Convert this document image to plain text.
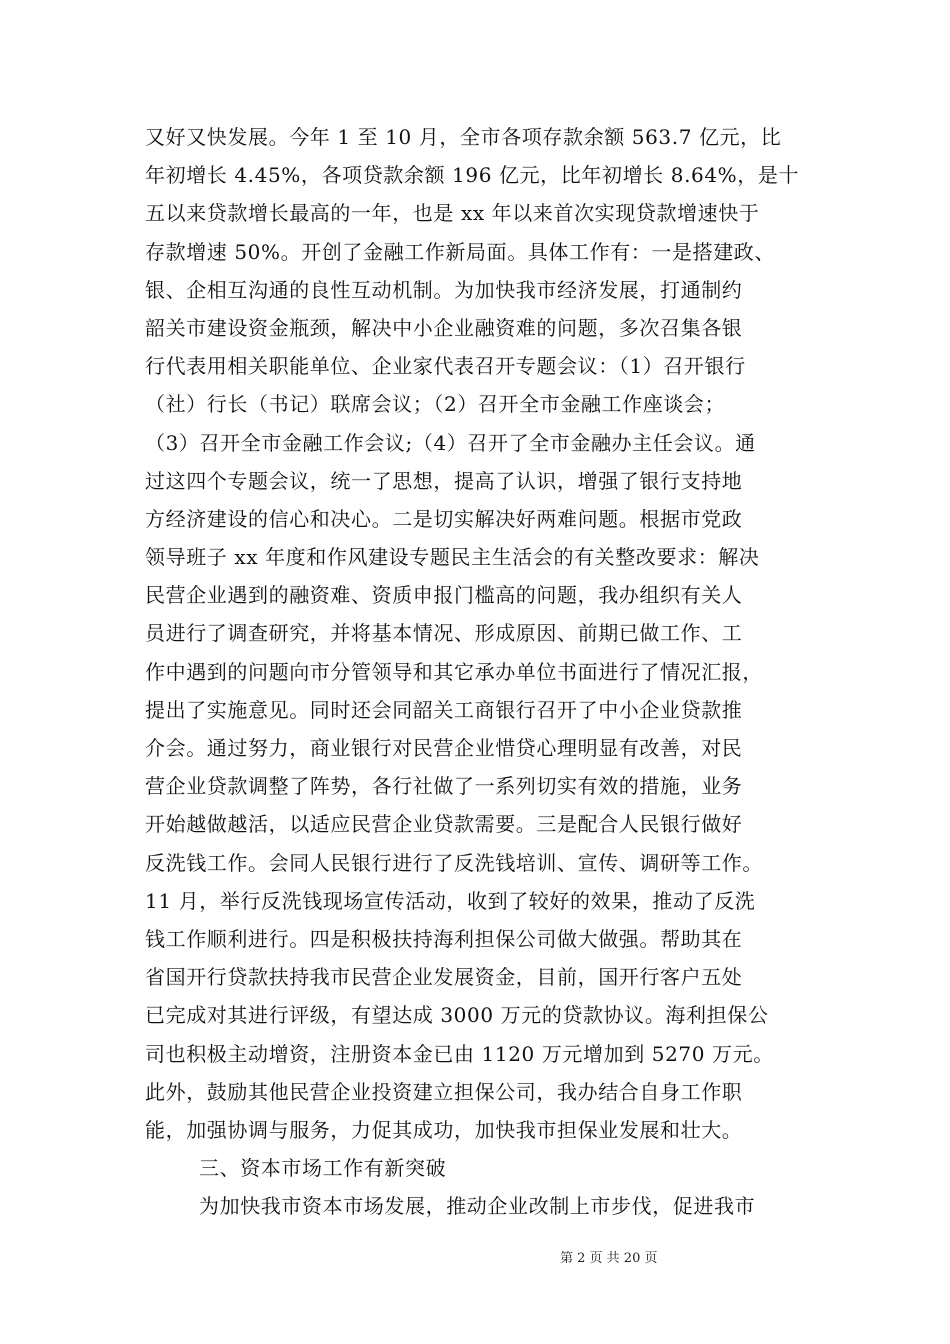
又好又快发展。今年 1 至 10 月，全市各项存款余额 563.7 亿元，比
年初增长 4.45%，各项贷款余额 196 亿元，比年初增长 8.64%，是十
五以来贷款增长最高的一年，也是 xx 年以来首次实现贷款增速快于
存款增速 50%。开创了金融工作新局面。具体工作有：一是搭建政、
银、企相互沟通的良性互动机制。为加快我市经济发展，打通制约
韶关市建设资金瓶颈，解决中小企业融资难的问题，多次召集各银
行代表用相关职能单位、企业家代表召开专题会议：（1）召开银行
（社）行长（书记）联席会议；（2）召开全市金融工作座谈会；
（3）召开全市金融工作会议;（4）召开了全市金融办主任会议。通
过这四个专题会议，统一了思想，提高了认识，增强了银行支持地
方经济建设的信心和决心。二是切实解决好两难问题。根据市党政
领导班子 xx 年度和作风建设专题民主生活会的有关整改要求：解决
民营企业遇到的融资难、资质申报门槛高的问题，我办组织有关人
员进行了调查研究，并将基本情况、形成原因、前期已做工作、工
作中遇到的问题向市分管领导和其它承办单位书面进行了情况汇报，
提出了实施意见。同时还会同韶关工商银行召开了中小企业贷款推
介会。通过努力，商业银行对民营企业惜贷心理明显有改善，对民
营企业贷款调整了阵势，各行社做了一系列切实有效的措施，业务
开始越做越活，以适应民营企业贷款需要。三是配合人民银行做好
反洗钱工作。会同人民银行进行了反洗钱培训、宣传、调研等工作。
11 月，举行反洗钱现场宣传活动，收到了较好的效果，推动了反洗
钱工作顺利进行。四是积极扶持海利担保公司做大做强。帮助其在
省国开行贷款扶持我市民营企业发展资金，目前，国开行客户五处
已完成对其进行评级，有望达成 3000 万元的贷款协议。海利担保公
司也积极主动增资，注册资本金已由 1120 万元增加到 5270 万元。
此外，鼓励其他民营企业投资建立担保公司，我办结合自身工作职
能，加强协调与服务，力促其成功，加快我市担保业发展和壮大。
三、资本市场工作有新突破
为加快我市资本市场发展，推动企业改制上市步伐，促进我市
第 2 页 共 20 页
